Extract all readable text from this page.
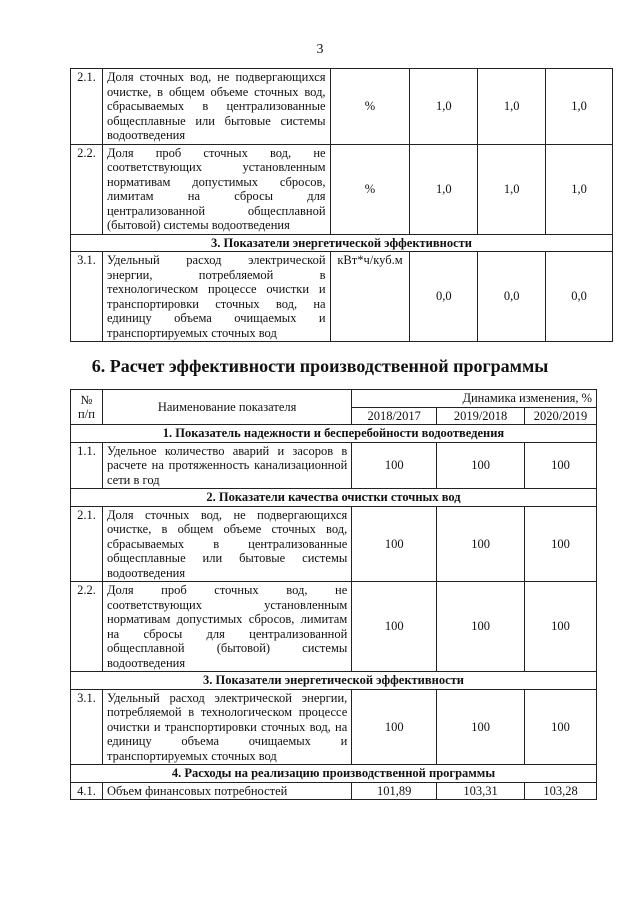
3
2.1.	Доля сточных вод, не подвергающихся очистке, в общем объеме сточных вод, сбрасываемых в централизованные общесплавные или бытовые системы водоотведения	%	1,0	1,0	1,0
2.2.	Доля проб сточных вод, не соответствующих установленным нормативам допустимых сбросов, лимитам на сбросы для централизованной общесплавной (бытовой) системы водоотведения	%	1,0	1,0	1,0
3. Показатели энергетической эффективности					
3.1.	Удельный расход электрической энергии, потребляемой в технологическом процессе очистки и транспортировки сточных вод, на единицу объема очищаемых и транспортируемых сточных вод	кВт*ч/куб.м	0,0	0,0	0,0
6. Расчет эффективности производственной программы
№
п/п	Наименование показателя	Динамика изменения, %		
		2018/2017	2019/2018	2020/2019
1. Показатель надежности и бесперебойности водоотведения				
1.1.	Удельное количество аварий и засоров в расчете на протяженность канализационной сети в год	100	100	100
2. Показатели качества очистки сточных вод				
2.1.	Доля сточных вод, не подвергающихся очистке, в общем объеме сточных вод, сбрасываемых в централизованные общесплавные или бытовые системы водоотведения	100	100	100
2.2.	Доля проб сточных вод, не соответствующих установленным нормативам допустимых сбросов, лимитам на сбросы для централизованной общесплавной (бытовой) системы водоотведения	100	100	100
3. Показатели энергетической эффективности				
3.1.	Удельный расход электрической энергии, потребляемой в технологическом процессе очистки и транспортировки сточных вод, на единицу объема очищаемых и транспортируемых сточных вод	100	100	100
4. Расходы на реализацию производственной программы				
4.1.	Объем финансовых потребностей	101,89	103,31	103,28
